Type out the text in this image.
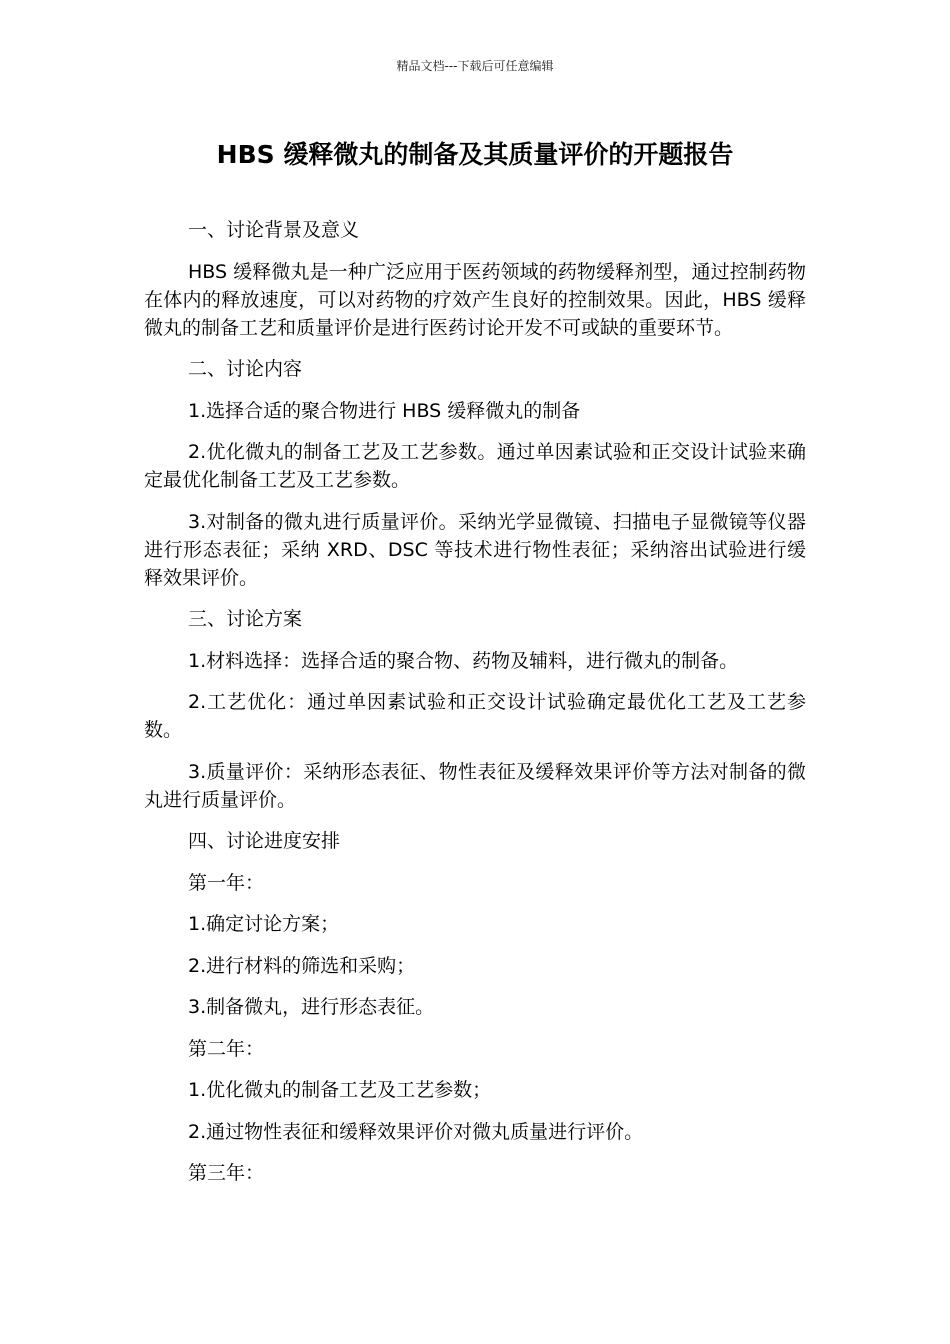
精品文档---下载后可任意编辑
HBS 缓释微丸的制备及其质量评价的开题报告

一、讨论背景及意义

HBS 缓释微丸是一种广泛应用于医药领域的药物缓释剂型，通过控制药物在体内的释放速度，可以对药物的疗效产生良好的控制效果。因此，HBS 缓释微丸的制备工艺和质量评价是进行医药讨论开发不可或缺的重要环节。

二、讨论内容

1.选择合适的聚合物进行 HBS 缓释微丸的制备

2.优化微丸的制备工艺及工艺参数。通过单因素试验和正交设计试验来确定最优化制备工艺及工艺参数。

3.对制备的微丸进行质量评价。采纳光学显微镜、扫描电子显微镜等仪器进行形态表征；采纳 XRD、DSC 等技术进行物性表征；采纳溶出试验进行缓释效果评价。

三、讨论方案

1.材料选择：选择合适的聚合物、药物及辅料，进行微丸的制备。

2.工艺优化：通过单因素试验和正交设计试验确定最优化工艺及工艺参数。

3.质量评价：采纳形态表征、物性表征及缓释效果评价等方法对制备的微丸进行质量评价。

四、讨论进度安排

第一年：

1.确定讨论方案；

2.进行材料的筛选和采购；

3.制备微丸，进行形态表征。

第二年：

1.优化微丸的制备工艺及工艺参数；

2.通过物性表征和缓释效果评价对微丸质量进行评价。

第三年：
